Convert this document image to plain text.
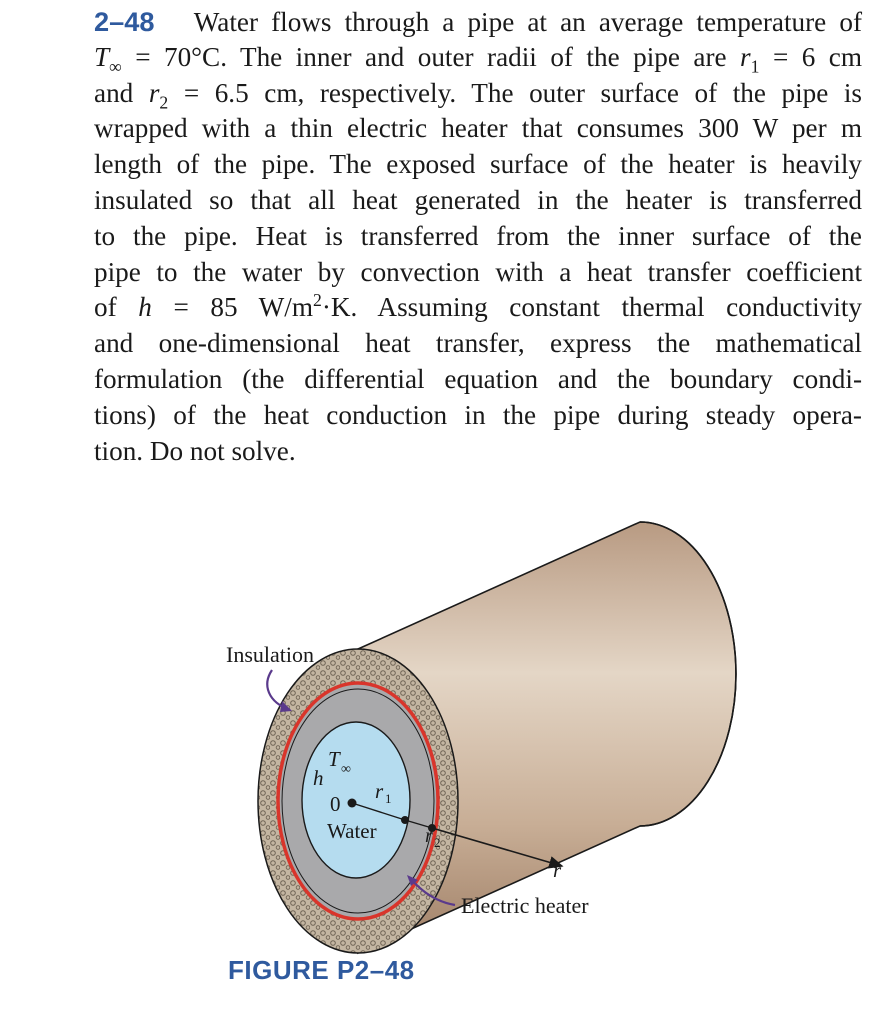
2–48 Water flows through a pipe at an average temperature of
$T_\infty = 70^\circ C$. The inner and outer radii of the pipe are $r_1 = 6$ cm
and $r_2 = 6.5$ cm, respectively. The outer surface of the pipe is
wrapped with a thin electric heater that consumes 300 W per m
length of the pipe. The exposed surface of the heater is heavily
insulated so that all heat generated in the heater is transferred
to the pipe. Heat is transferred from the inner surface of the
pipe to the water by convection with a heat transfer coefficient
of h = 85 $W/m^2\cdot K$. Assuming constant thermal conductivity
and one-dimensional heat transfer, express the mathematical
formulation (the differential equation and the boundary condi-
tions) of the heat conduction in the pipe during steady opera-
tion. Do not solve.
Insulation
T ∞
h
0
r 1
Water r 2
r
Electric heater
FIGURE P2–48
